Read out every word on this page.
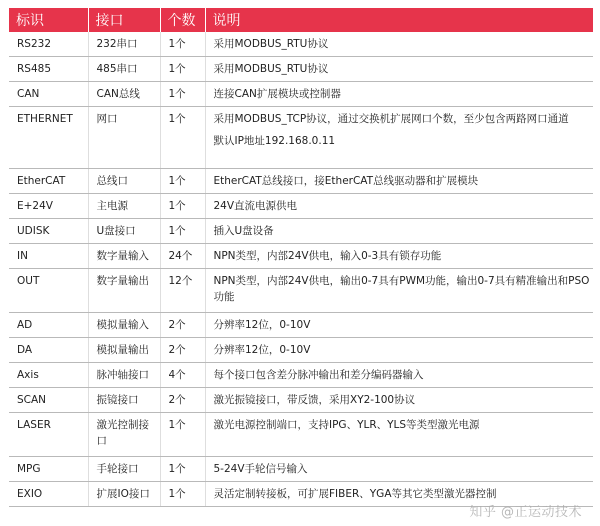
标识	接口	个数	说明
RS232	232串口	1个	采用MODBUS_RTU协议

RS485	485串口	1个	采用MODBUS_RTU协议

CAN	CAN总线	1个	连接CAN扩展模块或控制器

ETHERNET	网口	1个	采用MODBUS_TCP协议，通过交换机扩展网口个数，至少包含两路网口通道
默认IP地址192.168.0.11

EtherCAT	总线口	1个	EtherCAT总线接口，接EtherCAT总线驱动器和扩展模块

E+24V	主电源	1个	24V直流电源供电

UDISK	U盘接口	1个	插入U盘设备

IN	数字量输入	24个	NPN类型，内部24V供电，输入0-3具有锁存功能

OUT	数字量输出	12个	NPN类型，内部24V供电，输出0-7具有PWM功能，输出0-7具有精准输出和PSO功能

AD	模拟量输入	2个	分辨率12位，0-10V

DA	模拟量输出	2个	分辨率12位，0-10V

Axis	脉冲轴接口	4个	每个接口包含差分脉冲输出和差分编码器输入

SCAN	振镜接口	2个	激光振镜接口，带反馈，采用XY2-100协议

LASER	激光控制接口	1个	激光电源控制端口，支持IPG、YLR、YLS等类型激光电源

MPG	手轮接口	1个	5-24V手轮信号输入

EXIO	扩展IO接口	1个	灵活定制转接板，可扩展FIBER、YGA等其它类型激光器控制
知乎 @正运动技术
